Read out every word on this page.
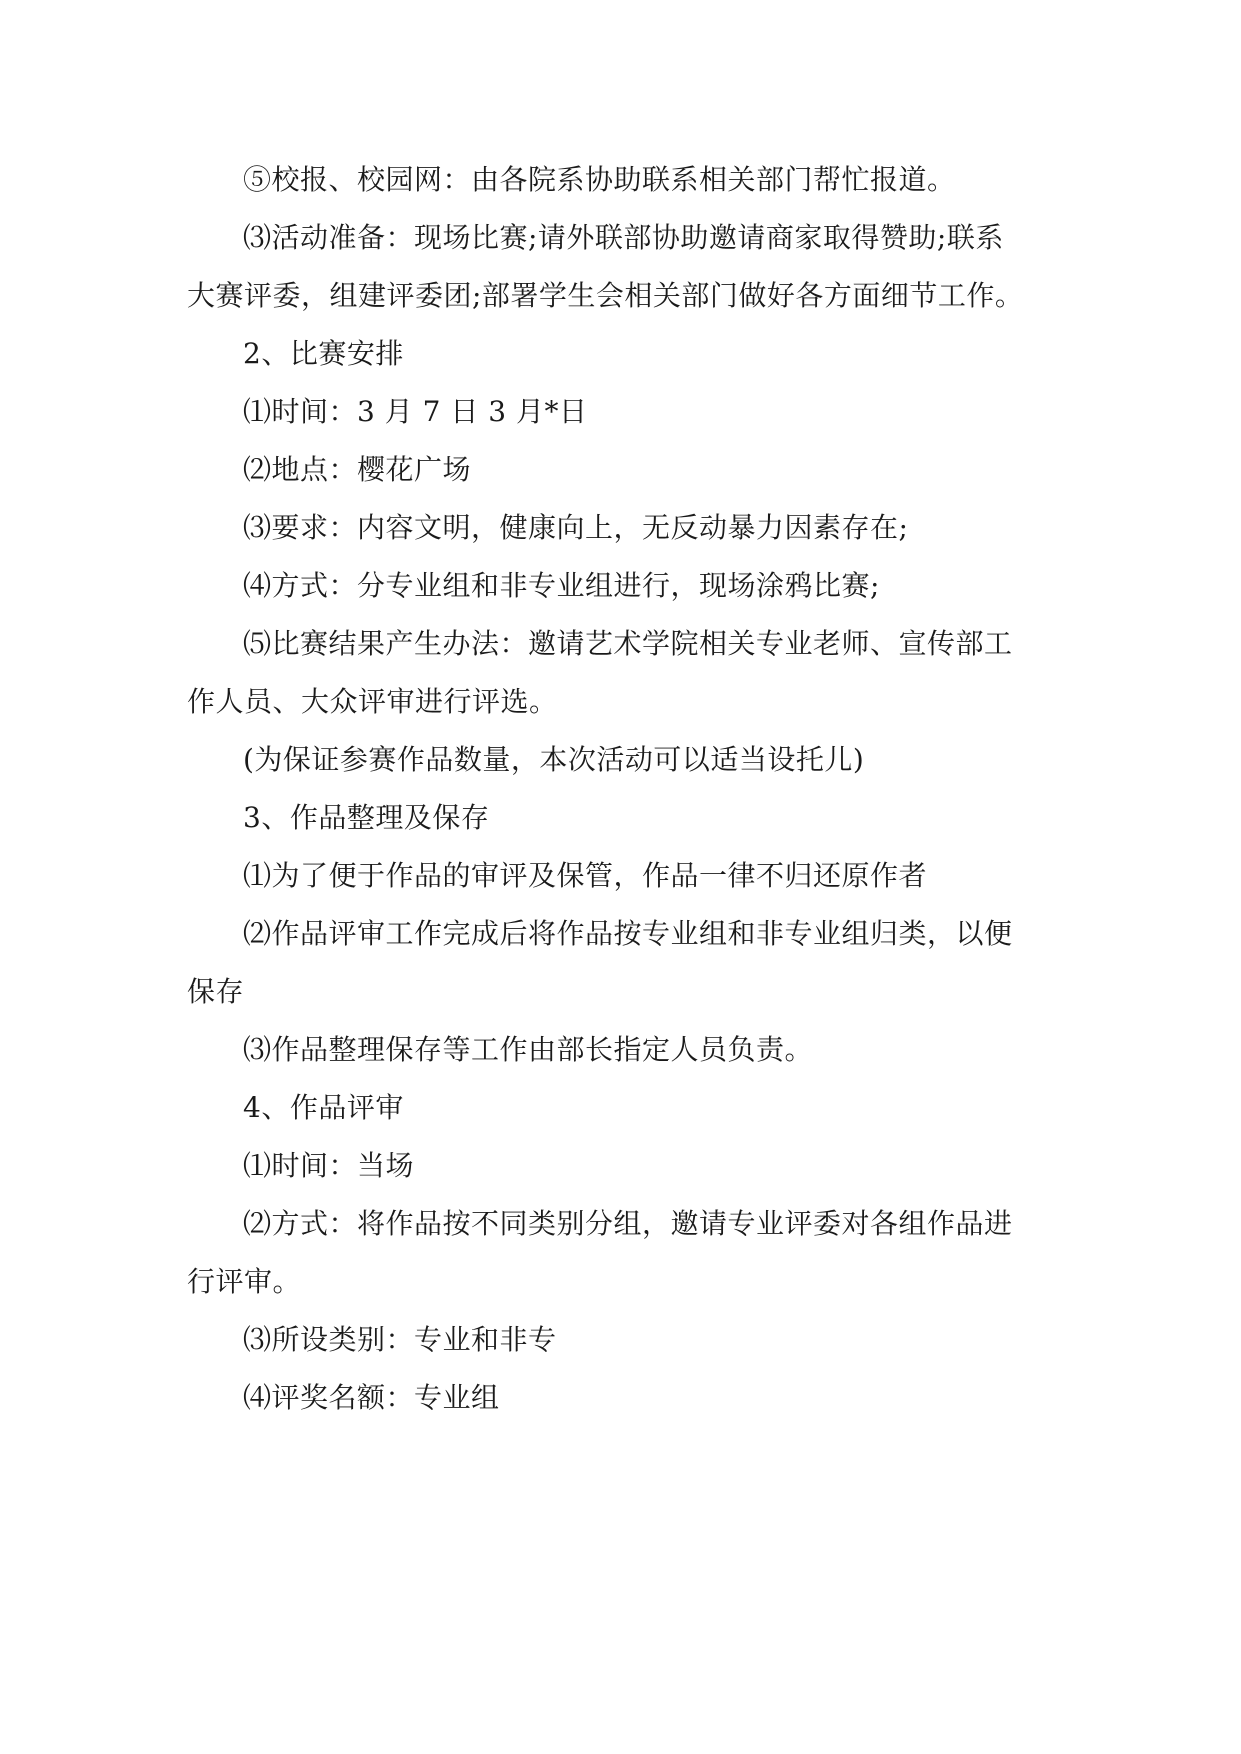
⑤校报、校园网：由各院系协助联系相关部门帮忙报道。
⑶活动准备：现场比赛;请外联部协助邀请商家取得赞助;联系
大赛评委，组建评委团;部署学生会相关部门做好各方面细节工作。
2、比赛安排
⑴时间：3 月 7 日 3 月*日
⑵地点：樱花广场
⑶要求：内容文明，健康向上，无反动暴力因素存在;
⑷方式：分专业组和非专业组进行，现场涂鸦比赛;
⑸比赛结果产生办法：邀请艺术学院相关专业老师、宣传部工
作人员、大众评审进行评选。
(为保证参赛作品数量，本次活动可以适当设托儿)
3、作品整理及保存
⑴为了便于作品的审评及保管，作品一律不归还原作者
⑵作品评审工作完成后将作品按专业组和非专业组归类，以便
保存
⑶作品整理保存等工作由部长指定人员负责。
4、作品评审
⑴时间：当场
⑵方式：将作品按不同类别分组，邀请专业评委对各组作品进
行评审。
⑶所设类别：专业和非专
⑷评奖名额：专业组
